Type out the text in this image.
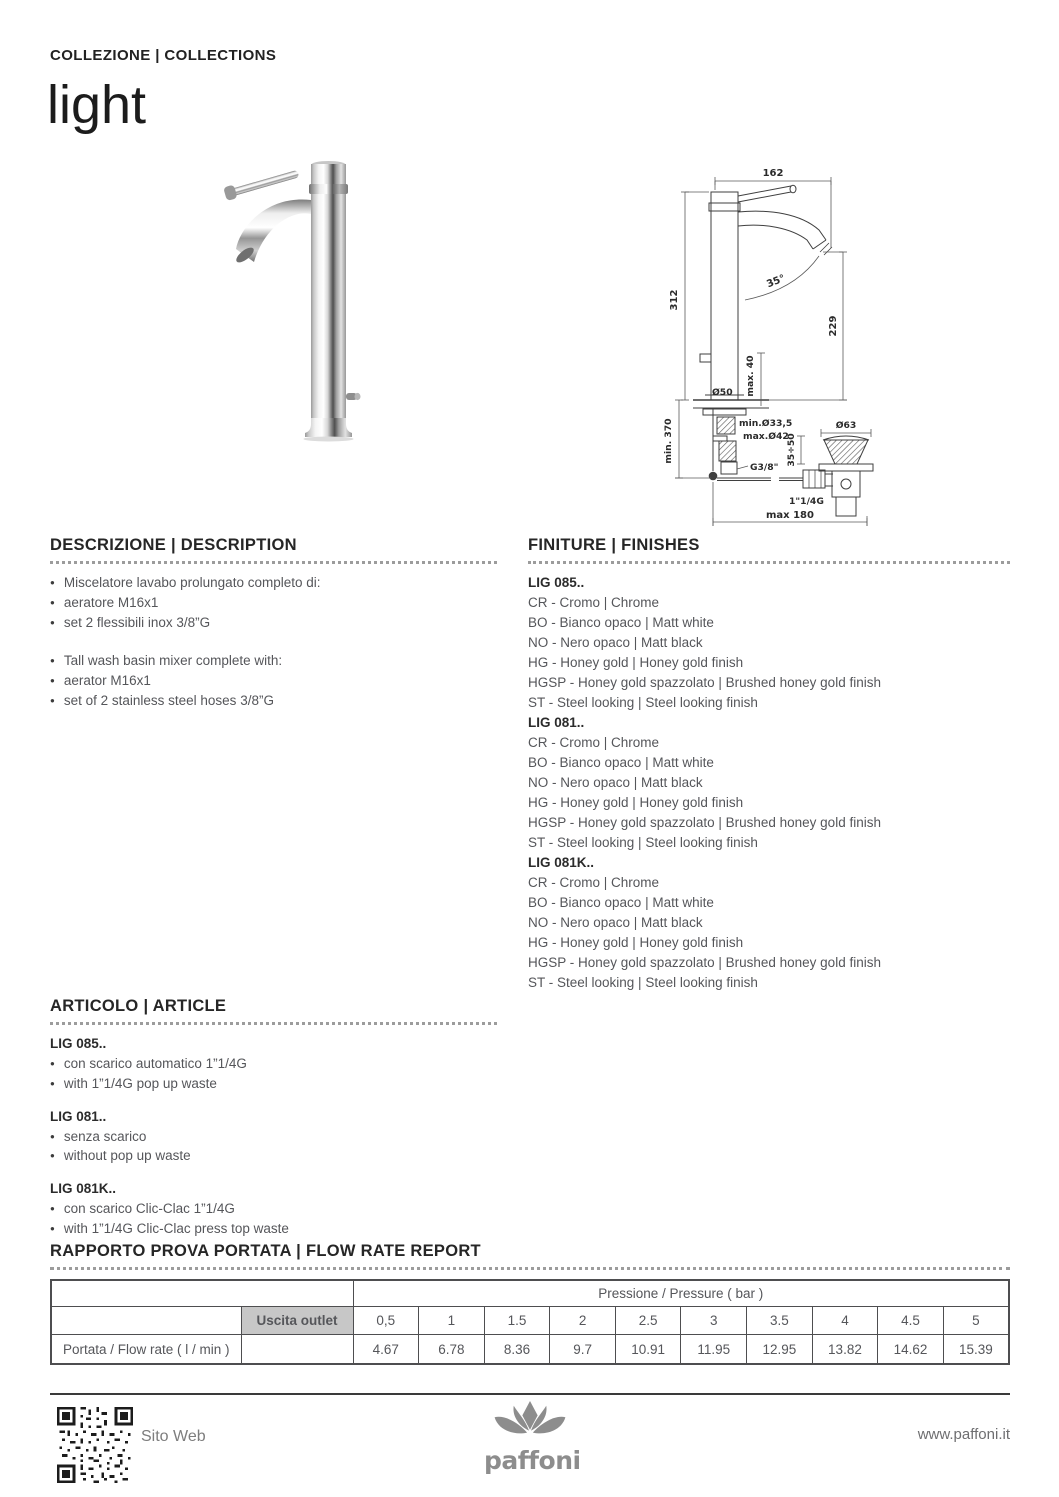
COLLEZIONE | COLLECTIONS
light
162
35°
312
229
Ø50 max. 40
min. 370	min.Ø33,5
max.Ø42
Ø63
35÷50
G3/8"
1"1/4G
max 180
DESCRIZIONE | DESCRIPTION
● Miscelatore lavabo prolungato completo di:
● aeratore M16x1
● set 2 flessibili inox 3/8”G
● Tall wash basin mixer complete with:
● aerator M16x1
● set of 2 stainless steel hoses 3/8”G
FINITURE | FINISHES
LIG 085..
CR - Cromo | Chrome
BO - Bianco opaco | Matt white
NO - Nero opaco | Matt black
HG - Honey gold | Honey gold finish
HGSP - Honey gold spazzolato | Brushed honey gold finish
ST - Steel looking | Steel looking finish
LIG 081..
CR - Cromo | Chrome
BO - Bianco opaco | Matt white
NO - Nero opaco | Matt black
HG - Honey gold | Honey gold finish
HGSP - Honey gold spazzolato | Brushed honey gold finish
ST - Steel looking | Steel looking finish
LIG 081K..
CR - Cromo | Chrome
BO - Bianco opaco | Matt white
NO - Nero opaco | Matt black
HG - Honey gold | Honey gold finish
HGSP - Honey gold spazzolato | Brushed honey gold finish
ST - Steel looking | Steel looking finish
ARTICOLO | ARTICLE
LIG 085..
● con scarico automatico 1”1/4G
● with 1”1/4G pop up waste
LIG 081..
● senza scarico
● without pop up waste
LIG 081K..
● con scarico Clic-Clac 1”1/4G
● with 1”1/4G Clic-Clac press top waste
RAPPORTO PROVA PORTATA | FLOW RATE REPORT
		Pressione / Pressure ( bar )									
	Uscita outlet	0,5	1	1.5	2	2.5	3	3.5	4	4.5	5
Portata / Flow rate ( l / min )		4.67	6.78	8.36	9.7	10.91	11.95	12.95	13.82	14.62	15.39
Sito Web
paffoni
www.paffoni.it
